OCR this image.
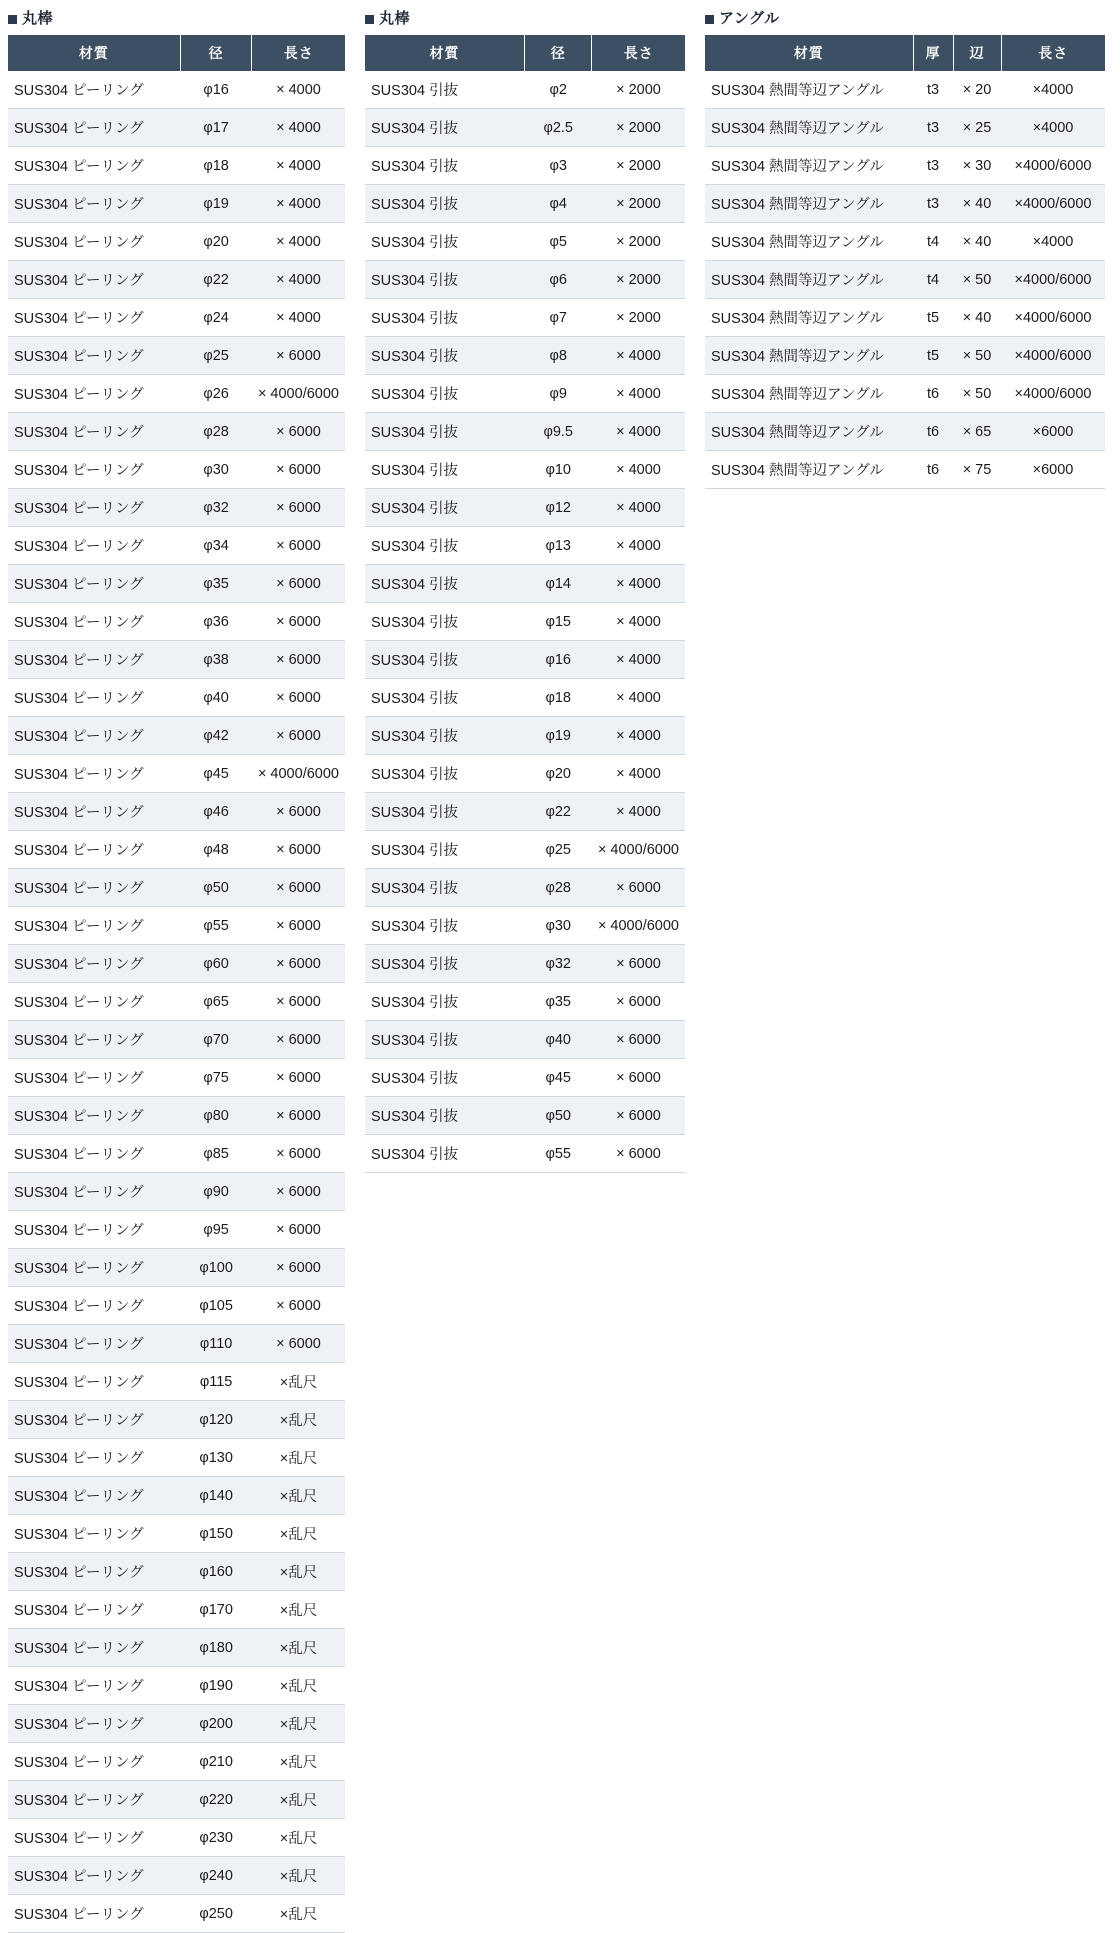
丸棒
材質	径	長さ
SUS304 ピーリング	φ16	× 4000
SUS304 ピーリング	φ17	× 4000
SUS304 ピーリング	φ18	× 4000
SUS304 ピーリング	φ19	× 4000
SUS304 ピーリング	φ20	× 4000
SUS304 ピーリング	φ22	× 4000
SUS304 ピーリング	φ24	× 4000
SUS304 ピーリング	φ25	× 6000
SUS304 ピーリング	φ26	× 4000/6000
SUS304 ピーリング	φ28	× 6000
SUS304 ピーリング	φ30	× 6000
SUS304 ピーリング	φ32	× 6000
SUS304 ピーリング	φ34	× 6000
SUS304 ピーリング	φ35	× 6000
SUS304 ピーリング	φ36	× 6000
SUS304 ピーリング	φ38	× 6000
SUS304 ピーリング	φ40	× 6000
SUS304 ピーリング	φ42	× 6000
SUS304 ピーリング	φ45	× 4000/6000
SUS304 ピーリング	φ46	× 6000
SUS304 ピーリング	φ48	× 6000
SUS304 ピーリング	φ50	× 6000
SUS304 ピーリング	φ55	× 6000
SUS304 ピーリング	φ60	× 6000
SUS304 ピーリング	φ65	× 6000
SUS304 ピーリング	φ70	× 6000
SUS304 ピーリング	φ75	× 6000
SUS304 ピーリング	φ80	× 6000
SUS304 ピーリング	φ85	× 6000
SUS304 ピーリング	φ90	× 6000
SUS304 ピーリング	φ95	× 6000
SUS304 ピーリング	φ100	× 6000
SUS304 ピーリング	φ105	× 6000
SUS304 ピーリング	φ110	× 6000
SUS304 ピーリング	φ115	×乱尺
SUS304 ピーリング	φ120	×乱尺
SUS304 ピーリング	φ130	×乱尺
SUS304 ピーリング	φ140	×乱尺
SUS304 ピーリング	φ150	×乱尺
SUS304 ピーリング	φ160	×乱尺
SUS304 ピーリング	φ170	×乱尺
SUS304 ピーリング	φ180	×乱尺
SUS304 ピーリング	φ190	×乱尺
SUS304 ピーリング	φ200	×乱尺
SUS304 ピーリング	φ210	×乱尺
SUS304 ピーリング	φ220	×乱尺
SUS304 ピーリング	φ230	×乱尺
SUS304 ピーリング	φ240	×乱尺
SUS304 ピーリング	φ250	×乱尺
丸棒
材質	径	長さ
SUS304 引抜	φ2	× 2000
SUS304 引抜	φ2.5	× 2000
SUS304 引抜	φ3	× 2000
SUS304 引抜	φ4	× 2000
SUS304 引抜	φ5	× 2000
SUS304 引抜	φ6	× 2000
SUS304 引抜	φ7	× 2000
SUS304 引抜	φ8	× 4000
SUS304 引抜	φ9	× 4000
SUS304 引抜	φ9.5	× 4000
SUS304 引抜	φ10	× 4000
SUS304 引抜	φ12	× 4000
SUS304 引抜	φ13	× 4000
SUS304 引抜	φ14	× 4000
SUS304 引抜	φ15	× 4000
SUS304 引抜	φ16	× 4000
SUS304 引抜	φ18	× 4000
SUS304 引抜	φ19	× 4000
SUS304 引抜	φ20	× 4000
SUS304 引抜	φ22	× 4000
SUS304 引抜	φ25	× 4000/6000
SUS304 引抜	φ28	× 6000
SUS304 引抜	φ30	× 4000/6000
SUS304 引抜	φ32	× 6000
SUS304 引抜	φ35	× 6000
SUS304 引抜	φ40	× 6000
SUS304 引抜	φ45	× 6000
SUS304 引抜	φ50	× 6000
SUS304 引抜	φ55	× 6000
アングル
材質	厚	辺	長さ
SUS304 熱間等辺アングル	t3	× 20	×4000
SUS304 熱間等辺アングル	t3	× 25	×4000
SUS304 熱間等辺アングル	t3	× 30	×4000/6000
SUS304 熱間等辺アングル	t3	× 40	×4000/6000
SUS304 熱間等辺アングル	t4	× 40	×4000
SUS304 熱間等辺アングル	t4	× 50	×4000/6000
SUS304 熱間等辺アングル	t5	× 40	×4000/6000
SUS304 熱間等辺アングル	t5	× 50	×4000/6000
SUS304 熱間等辺アングル	t6	× 50	×4000/6000
SUS304 熱間等辺アングル	t6	× 65	×6000
SUS304 熱間等辺アングル	t6	× 75	×6000
